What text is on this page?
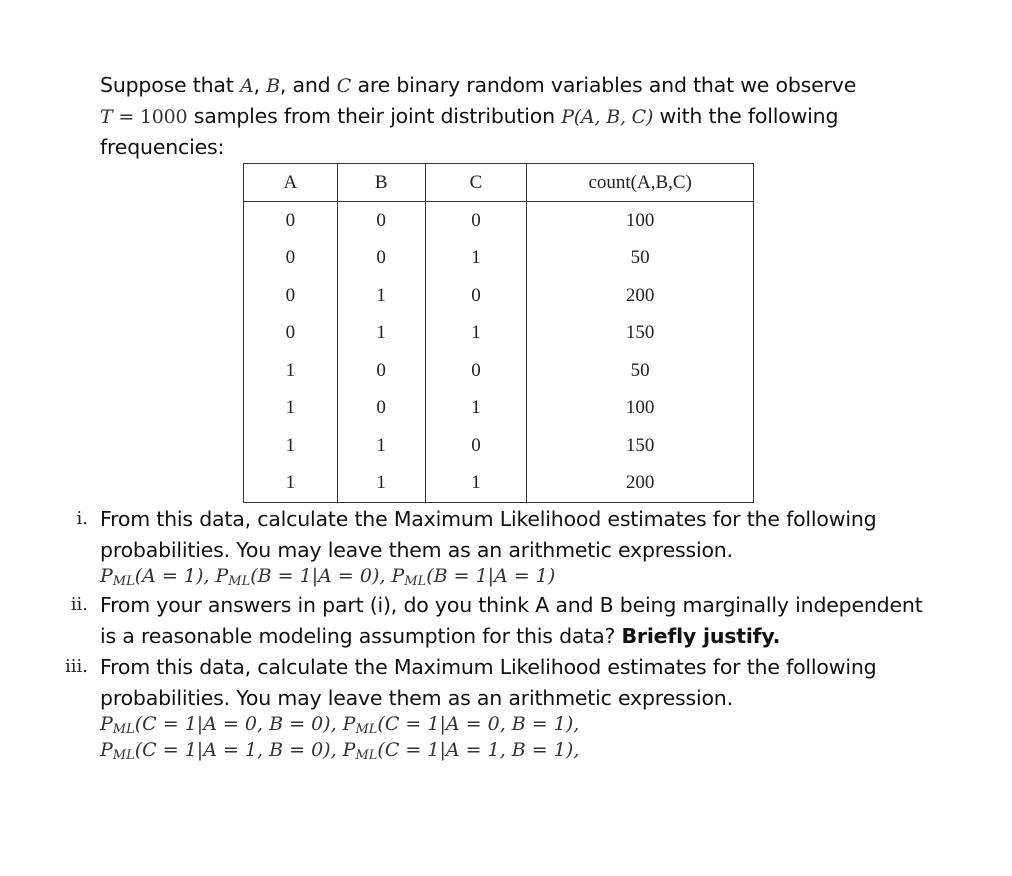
Suppose that A, B, and C are binary random variables and that we observe
T = 1000 samples from their joint distribution P(A, B, C) with the following
frequencies:
A	B	C	count(A,B,C)
0	0	0	100
0	0	1	50
0	1	0	200
0	1	1	150
1	0	0	50
1	0	1	100
1	1	0	150
1	1	1	200
i. From this data, calculate the Maximum Likelihood estimates for the following
probabilities. You may leave them as an arithmetic expression.
$P_{ML}(A = 1)$, $P_{ML}(B = 1|A = 0)$, $P_{ML}(B = 1|A = 1)$
ii. From your answers in part (i), do you think A and B being marginally independent
is a reasonable modeling assumption for this data? Briefly justify.
iii. From this data, calculate the Maximum Likelihood estimates for the following
probabilities. You may leave them as an arithmetic expression.
$P_{ML}(C = 1|A = 0$, B = 0), $P_{ML}(C = 1|A = 0$, B = 1),
$P_{ML}(C = 1|A = 1$, B = 0), $P_{ML}(C = 1|A = 1$, B = 1),
